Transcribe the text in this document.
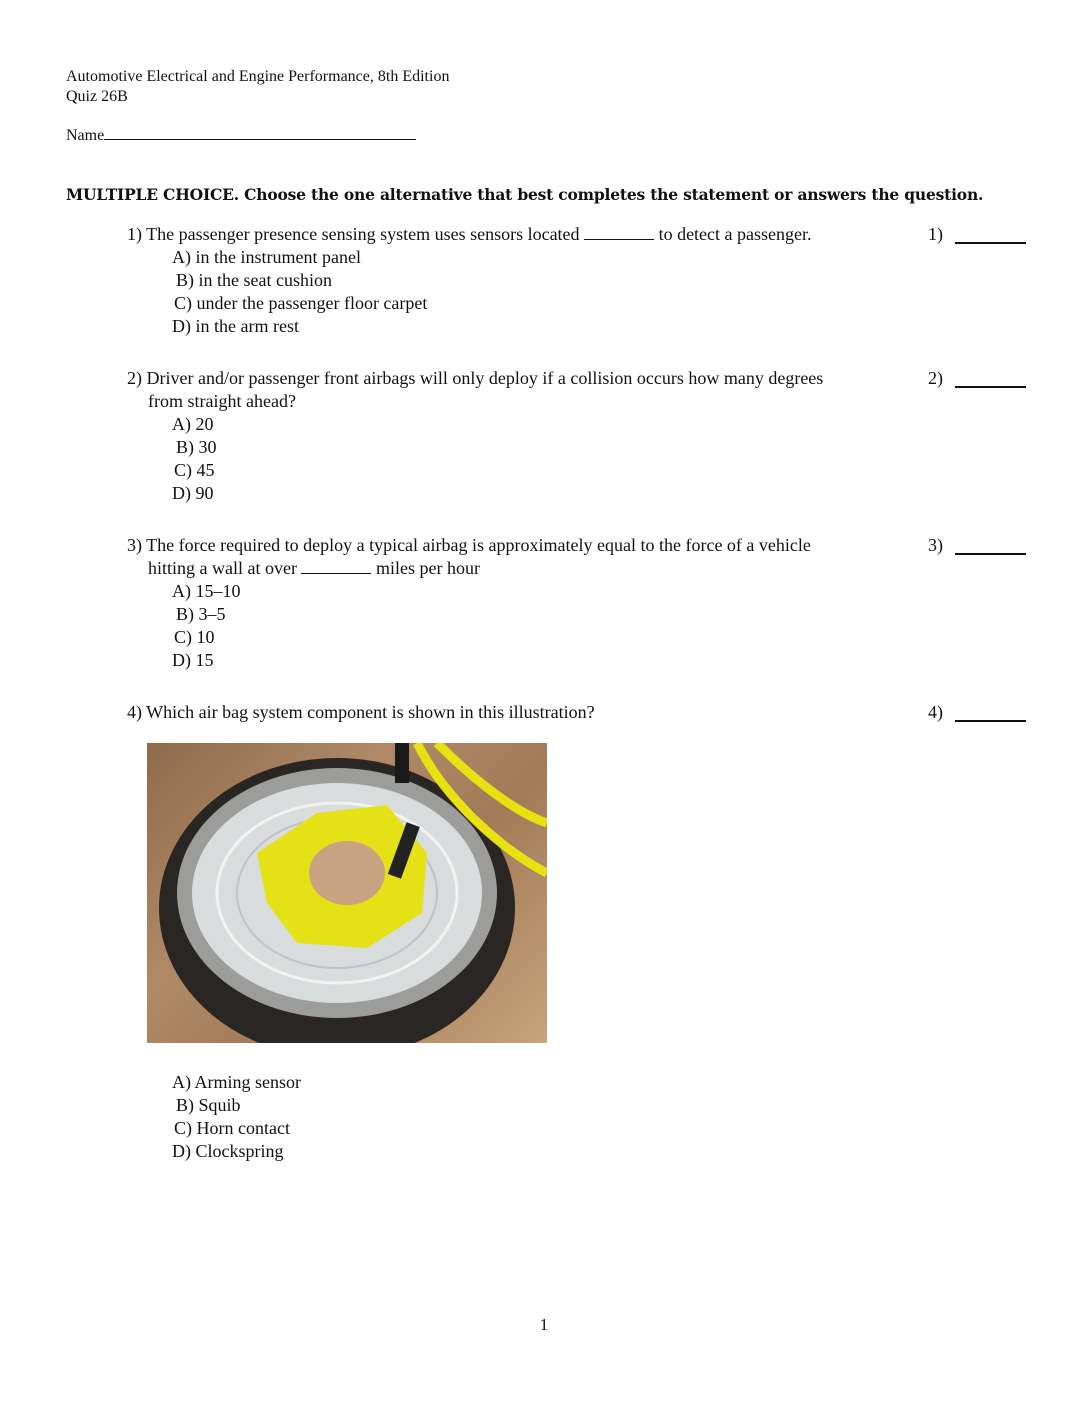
Automotive Electrical and Engine Performance, 8th Edition
Quiz 26B
Name
MULTIPLE CHOICE. Choose the one alternative that best completes the statement or answers the question.
1) The passenger presence sensing system uses sensors located	to detect a passenger.
A) in the instrument panel
B) in the seat cushion
C) under the passenger floor carpet
D) in the arm rest
1)
2) Driver and/or passenger front airbags will only deploy if a collision occurs how many degrees
from straight ahead?
A) 20
B) 30
C) 45
D) 90
2)
3) The force required to deploy a typical airbag is approximately equal to the force of a vehicle
hitting a wall at over	miles per hour
A) 15–10
B) 3–5
C) 10
D) 15
3)
4) Which air bag system component is shown in this illustration?	4)
A) Arming sensor
B) Squib
C) Horn contact
D) Clockspring
1
